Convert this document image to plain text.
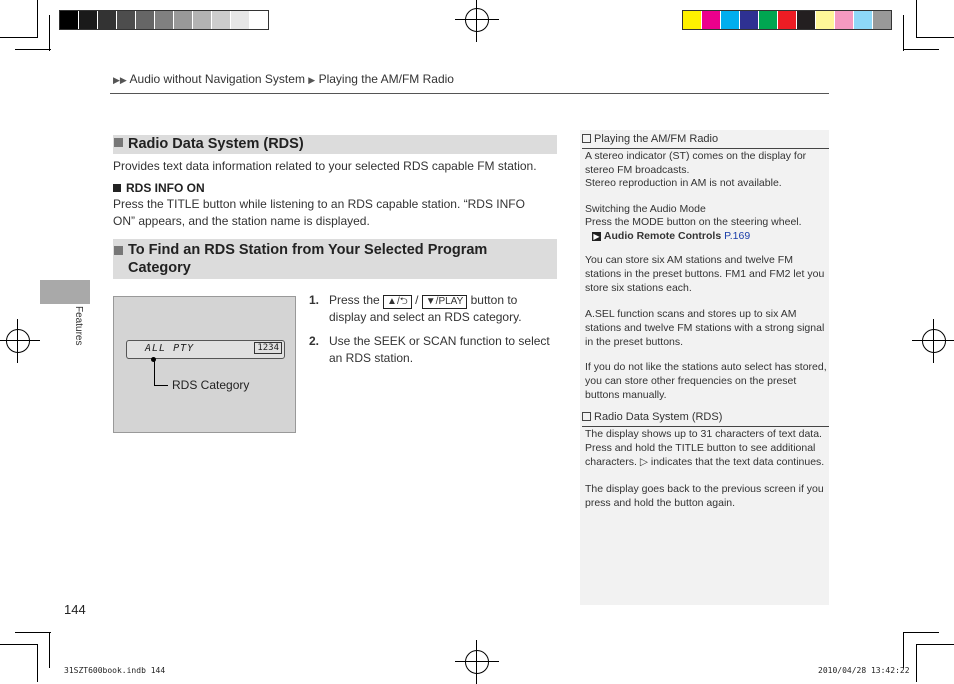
▶▶ Audio without Navigation System ▶ Playing the AM/FM Radio
Features
Radio Data System (RDS)
Provides text data information related to your selected RDS capable FM station.
RDS INFO ON
Press the TITLE button while listening to an RDS capable station. “RDS INFO ON” appears, and the station name is displayed.
To Find an RDS Station from Your Selected Program
Category
ALL PTY	1234
RDS Category
1. Press the ▲/⮌ / ▼/PLAY button to
display and select an RDS category.
2. Use the SEEK or SCAN function to select
an RDS station.
Playing the AM/FM Radio
A stereo indicator (ST) comes on the display for stereo FM broadcasts.
Stereo reproduction in AM is not available.
Switching the Audio Mode
Press the MODE button on the steering wheel.
▶ Audio Remote Controls P.169
You can store six AM stations and twelve FM stations in the preset buttons. FM1 and FM2 let you store six stations each.
A.SEL function scans and stores up to six AM stations and twelve FM stations with a strong signal in the preset buttons.
If you do not like the stations auto select has stored, you can store other frequencies on the preset buttons manually.
Radio Data System (RDS)
The display shows up to 31 characters of text data. Press and hold the TITLE button to see additional characters. ▷ indicates that the text data continues.
The display goes back to the previous screen if you press and hold the button again.
144
31SZT600book.indb 144	2010/04/28 13:42:22
